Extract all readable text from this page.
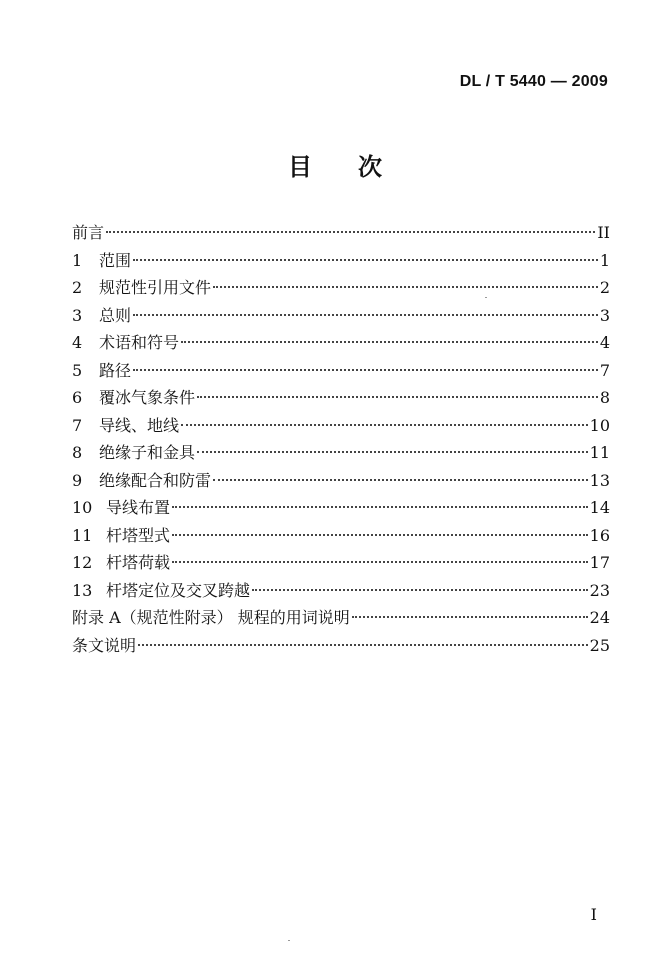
DL / T 5440 — 2009
目次
前言	II
1	范围	1
2	规范性引用文件	2
3	总则	3
4	术语和符号	4
5	路径	7
6	覆冰气象条件	8
7	导线、地线	10
8	绝缘子和金具	11
9	绝缘配合和防雷	13
10 导线布置	14
11 杆塔型式	16
12 杆塔荷载	17
13 杆塔定位及交叉跨越	23
附录 A（规范性附录） 规程的用词说明	24
条文说明	25
I
